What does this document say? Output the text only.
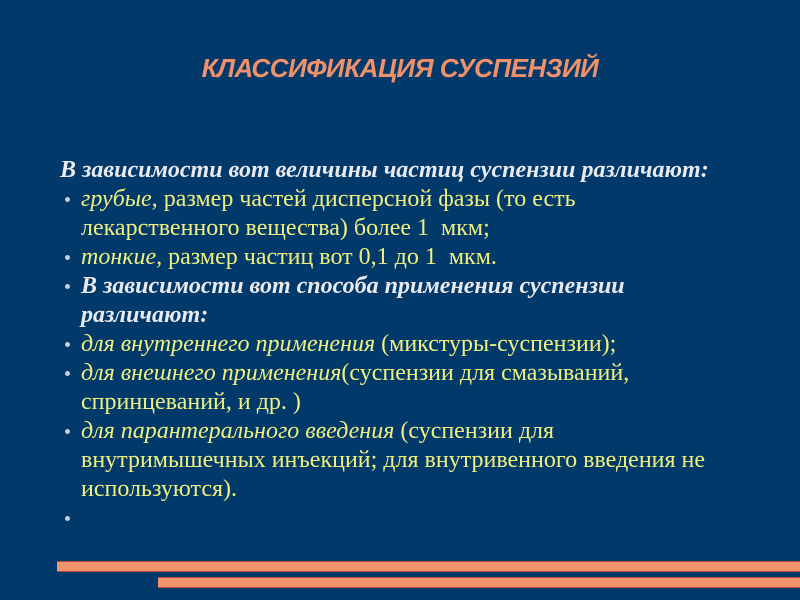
КЛАССИФИКАЦИЯ СУСПЕНЗИЙ
В зависимости вот величины частиц суспензии различают:
грубые, размер частей дисперсной фазы (то есть
лекарственного вещества) более 1  мкм;
тонкие, размер частиц вот 0,1 до 1  мкм.
В зависимости вот способа применения суспензии
различают:
для внутреннего применения (микстуры-суспензии);
для внешнего применения(суспензии для смазываний,
спринцеваний, и др. )
для парантерального введения (суспензии для
внутримышечных инъекций; для внутривенного введения не
используются).
